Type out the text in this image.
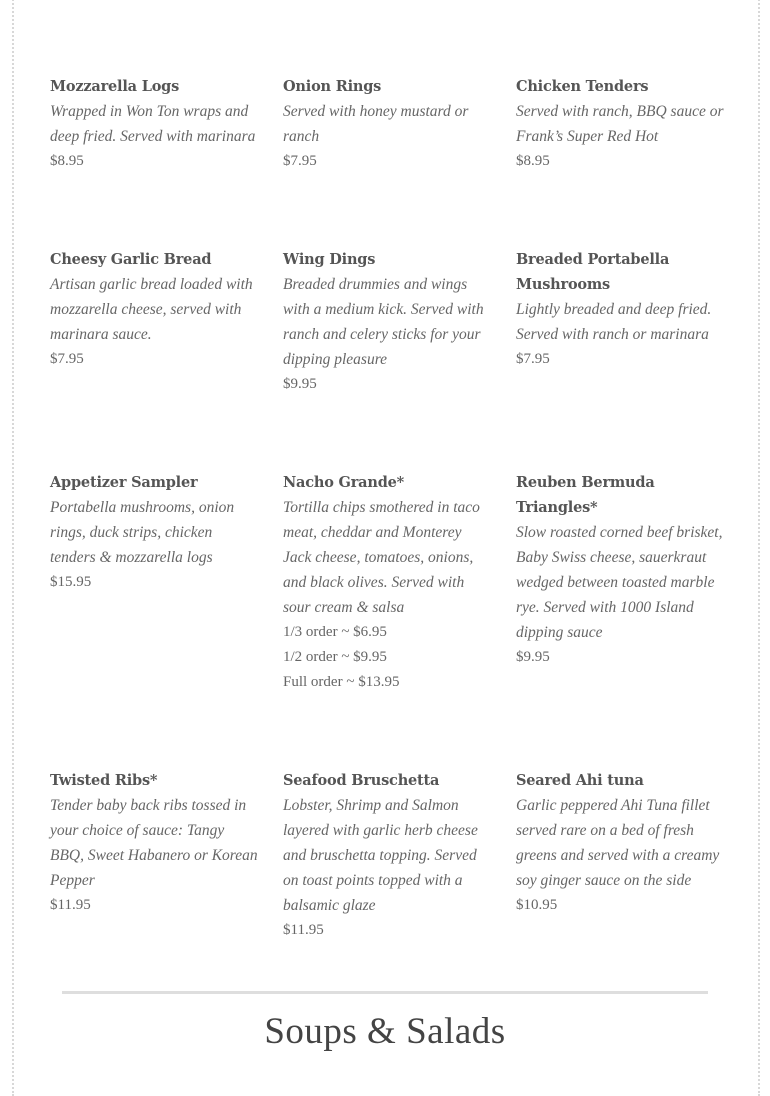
Mozzarella Logs

Wrapped in Won Ton wraps and deep fried. Served with marinara

$8.95

Onion Rings

Served with honey mustard or ranch

$7.95

Chicken Tenders

Served with ranch, BBQ sauce or Frank’s Super Red Hot

$8.95

Cheesy Garlic Bread

Artisan garlic bread loaded with mozzarella cheese, served with marinara sauce.

$7.95

Wing Dings

Breaded drummies and wings with a medium kick. Served with ranch and celery sticks for your dipping pleasure

$9.95

Breaded Portabella Mushrooms

Lightly breaded and deep fried. Served with ranch or marinara

$7.95

Appetizer Sampler

Portabella mushrooms, onion rings, duck strips, chicken tenders & mozzarella logs

$15.95

Nacho Grande*

Tortilla chips smothered in taco meat, cheddar and Monterey Jack cheese, tomatoes, onions, and black olives. Served with sour cream & salsa

1/3 order ~ $6.95

1/2 order ~ $9.95

Full order ~ $13.95

Reuben Bermuda Triangles*

Slow roasted corned beef brisket, Baby Swiss cheese, sauerkraut wedged between toasted marble rye. Served with 1000 Island dipping sauce

$9.95

Twisted Ribs*

Tender baby back ribs tossed in your choice of sauce: Tangy BBQ, Sweet Habanero or Korean Pepper

$11.95

Seafood Bruschetta

Lobster, Shrimp and Salmon layered with garlic herb cheese and bruschetta topping. Served on toast points topped with a balsamic glaze

$11.95

Seared Ahi tuna

Garlic peppered Ahi Tuna fillet served rare on a bed of fresh greens and served with a creamy soy ginger sauce on the side

$10.95

Soups & Salads
